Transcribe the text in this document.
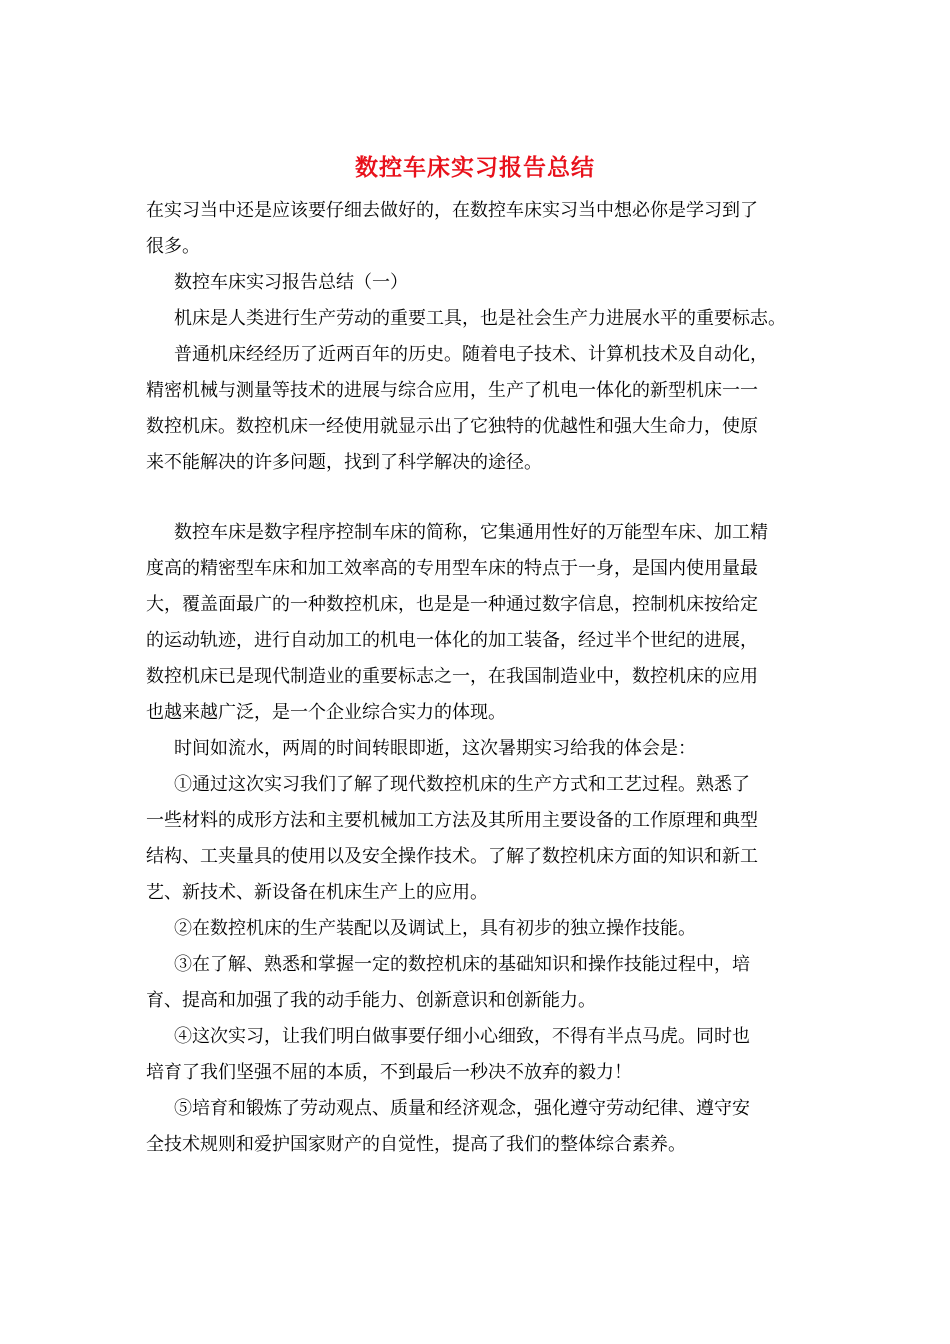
数控车床实习报告总结
在实习当中还是应该要仔细去做好的，在数控车床实习当中想必你是学习到了
很多。
数控车床实习报告总结（一）
机床是人类进行生产劳动的重要工具，也是社会生产力进展水平的重要标志。
普通机床经经历了近两百年的历史。随着电子技术、计算机技术及自动化，
精密机械与测量等技术的进展与综合应用，生产了机电一体化的新型机床一一
数控机床。数控机床一经使用就显示出了它独特的优越性和强大生命力，使原
来不能解决的许多问题，找到了科学解决的途径。
数控车床是数字程序控制车床的简称，它集通用性好的万能型车床、加工精
度高的精密型车床和加工效率高的专用型车床的特点于一身，是国内使用量最
大，覆盖面最广的一种数控机床，也是是一种通过数字信息，控制机床按给定
的运动轨迹，进行自动加工的机电一体化的加工装备，经过半个世纪的进展，
数控机床已是现代制造业的重要标志之一，在我国制造业中，数控机床的应用
也越来越广泛，是一个企业综合实力的体现。
时间如流水，两周的时间转眼即逝，这次暑期实习给我的体会是：
①通过这次实习我们了解了现代数控机床的生产方式和工艺过程。熟悉了
一些材料的成形方法和主要机械加工方法及其所用主要设备的工作原理和典型
结构、工夹量具的使用以及安全操作技术。了解了数控机床方面的知识和新工
艺、新技术、新设备在机床生产上的应用。
②在数控机床的生产装配以及调试上，具有初步的独立操作技能。
③在了解、熟悉和掌握一定的数控机床的基础知识和操作技能过程中，培
育、提高和加强了我的动手能力、创新意识和创新能力。
④这次实习，让我们明白做事要仔细小心细致，不得有半点马虎。同时也
培育了我们坚强不屈的本质，不到最后一秒决不放弃的毅力！
⑤培育和锻炼了劳动观点、质量和经济观念，强化遵守劳动纪律、遵守安
全技术规则和爱护国家财产的自觉性，提高了我们的整体综合素养。
